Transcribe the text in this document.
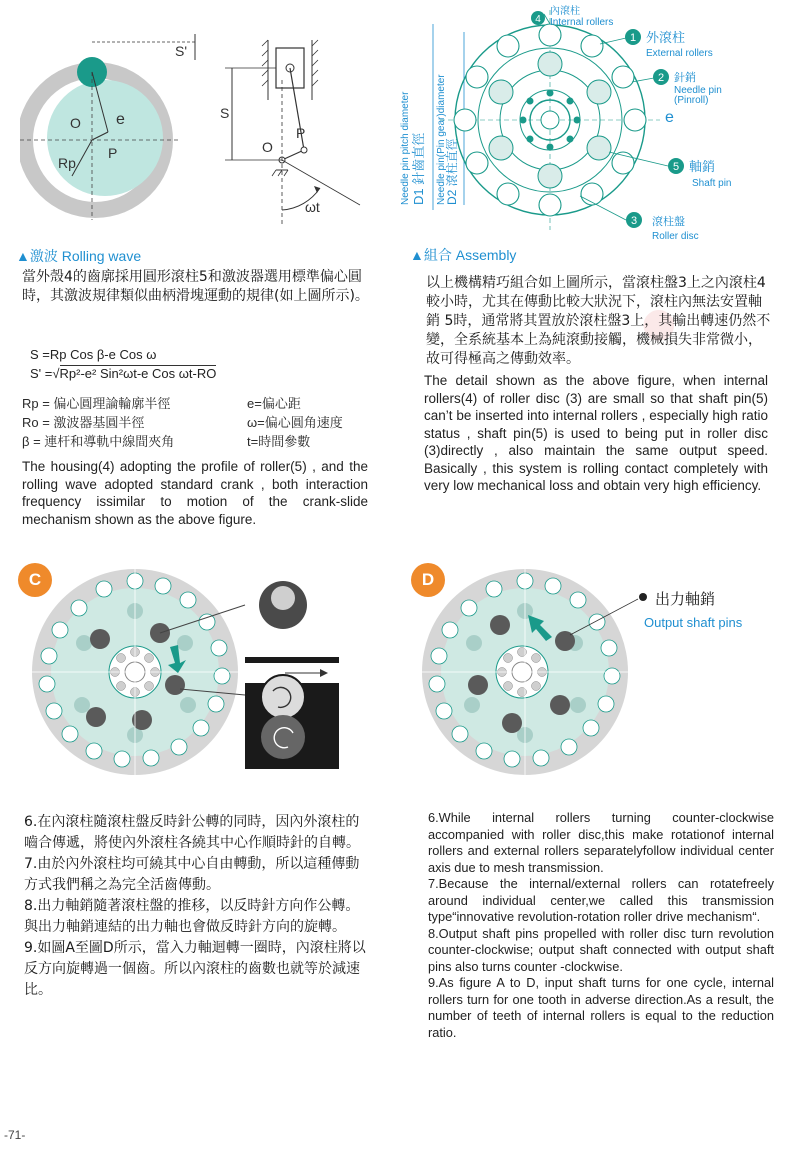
●
S'
O e
P
Rp
ωt
S
O
P	D1 針齒直徑
Needle pin pitch diameter	D2 滾柱直徑
Needle pin(Pin gear)diameter
4
內滾柱
Internal rollers
1 外滾柱
External rollers
2 針銷
Needle pin
(Pinroll)
e
5 軸銷
Shaft pin
3 滾柱盤
Roller disc
▲激波 Rolling wave
當外殼4的齒廓採用圓形滾柱5和激波器選用標準偏心圓時，其激波規律類似曲柄滑塊運動的規律(如上圖所示)。
S =Rp Cos β-e Cos ω
S' =√Rp²-e² Sin²ωt-e Cos ωt-RO
Rp = 偏心圓理論輪廓半徑	e=偏心距
Ro = 激波器基圓半徑	ω=偏心圓角速度
β = 連杆和導軌中線間夾角	t=時間參數
The housing(4) adopting the profile of roller(5) , and the rolling wave adopted standard crank , both interaction frequency issimilar to motion of the crank-slide mechanism shown as the above figure.
▲組合 Assembly
以上機構精巧組合如上圖所示，當滾柱盤3上之內滾柱4較小時，尤其在傳動比較大狀況下，滾柱內無法安置軸銷 5時，通常將其置放於滾柱盤3上，其輸出轉速仍然不變，全系統基本上為純滾動接觸，機械損失非常微小，故可得極高之傳動效率。
The detail shown as the above figure, when internal rollers(4) of roller disc (3) are small so that shaft pin(5) can’t be inserted into internal rollers , especially high ratio status , shaft pin(5) is used to being put in roller disc (3)directly , also maintain the same output speed. Basically , this system is rolling contact completely with very low mechanical loss and obtain very high efficiency.
C	D
出力軸銷
Output shaft pins
6.在內滾柱隨滾柱盤反時針公轉的同時，因內外滾柱的嚙合傳遞，將使內外滾柱各繞其中心作順時針的自轉。
7.由於內外滾柱均可繞其中心自由轉動，所以這種傳動方式我們稱之為完全活齒傳動。
8.出力軸銷隨著滾柱盤的推移，以反時針方向作公轉。與出力軸銷連結的出力軸也會做反時針方向的旋轉。
9.如圖A至圖D所示，當入力軸迴轉一圈時，內滾柱將以反方向旋轉過一個齒。所以內滾柱的齒數也就等於減速比。
6.While internal rollers turning counter-clockwise accompanied with roller disc,this make rotationof internal rollers and external rollers separatelyfollow individual center axis due to mesh transmission.
7.Because the internal/external rollers can rotatefreely around individual center,we called this transmission type“innovative revolution-rotation roller drive mechanism“.
8.Output shaft pins propelled with roller disc turn revolution counter-clockwise; output shaft connected with output shaft pins also turns counter -clockwise.
9.As figure A to D, input shaft turns for one cycle, internal rollers turn for one tooth in adverse direction.As a result, the number of teeth of internal rollers is equal to the reduction ratio.
-71-
